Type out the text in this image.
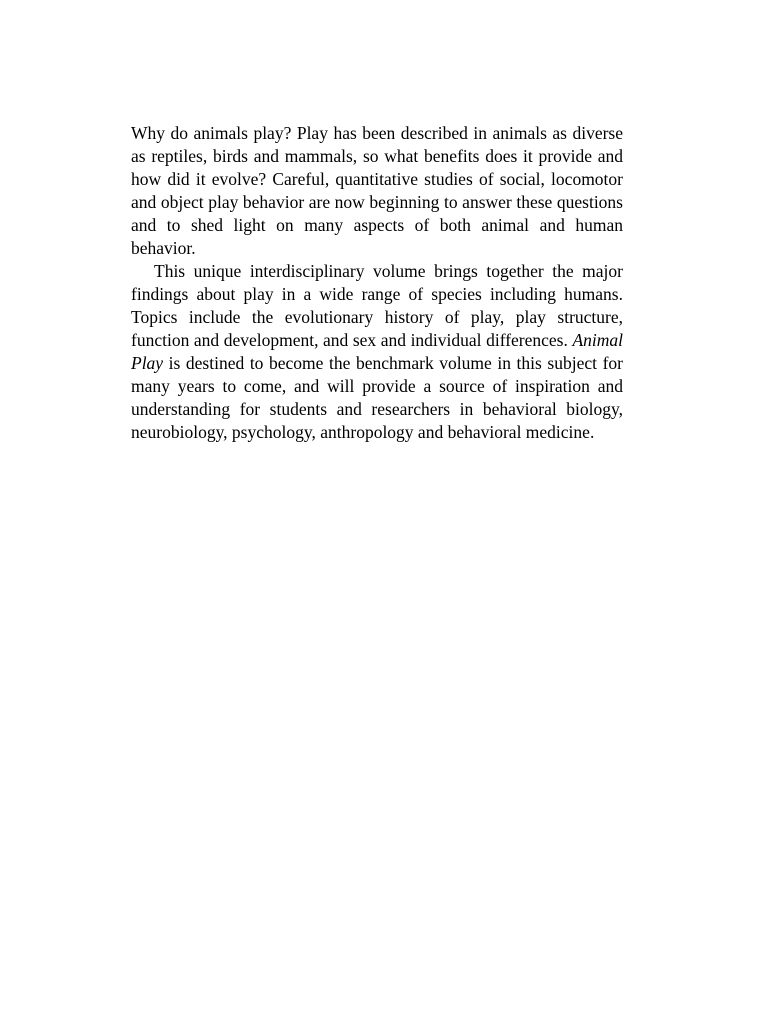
Why do animals play? Play has been described in animals as diverse as reptiles, birds and mammals, so what benefits does it provide and how did it evolve? Careful, quantitative studies of social, locomotor and object play behavior are now beginning to answer these questions and to shed light on many aspects of both animal and human behavior.

This unique interdisciplinary volume brings together the major findings about play in a wide range of species including humans. Topics include the evolutionary history of play, play structure, function and development, and sex and individual differences. Animal Play is destined to become the benchmark volume in this subject for many years to come, and will provide a source of inspiration and understanding for students and researchers in behavioral biology, neurobiology, psychology, anthropology and behavioral medicine.
